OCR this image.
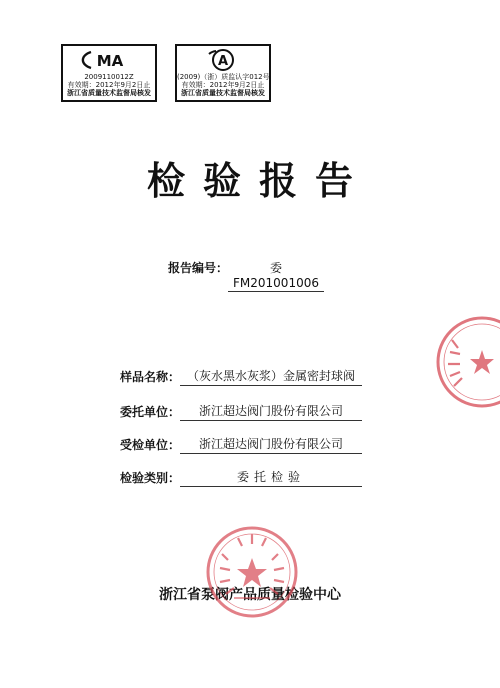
MA
2009110012Z
有效期：2012年9月2日止
浙江省质量技术监督局核发
A
(2009)（浙）质监认字012号
有效期：2012年9月2日止
浙江省质量技术监督局核发
检验报告
报告编号：	委FM201001006
样品名称： （灰水黑水灰浆）金属密封球阀
委托单位：	浙江超达阀门股份有限公司
受检单位：	浙江超达阀门股份有限公司
检验类别：	委托检验
浙江省泵阀产品质量检验中心
